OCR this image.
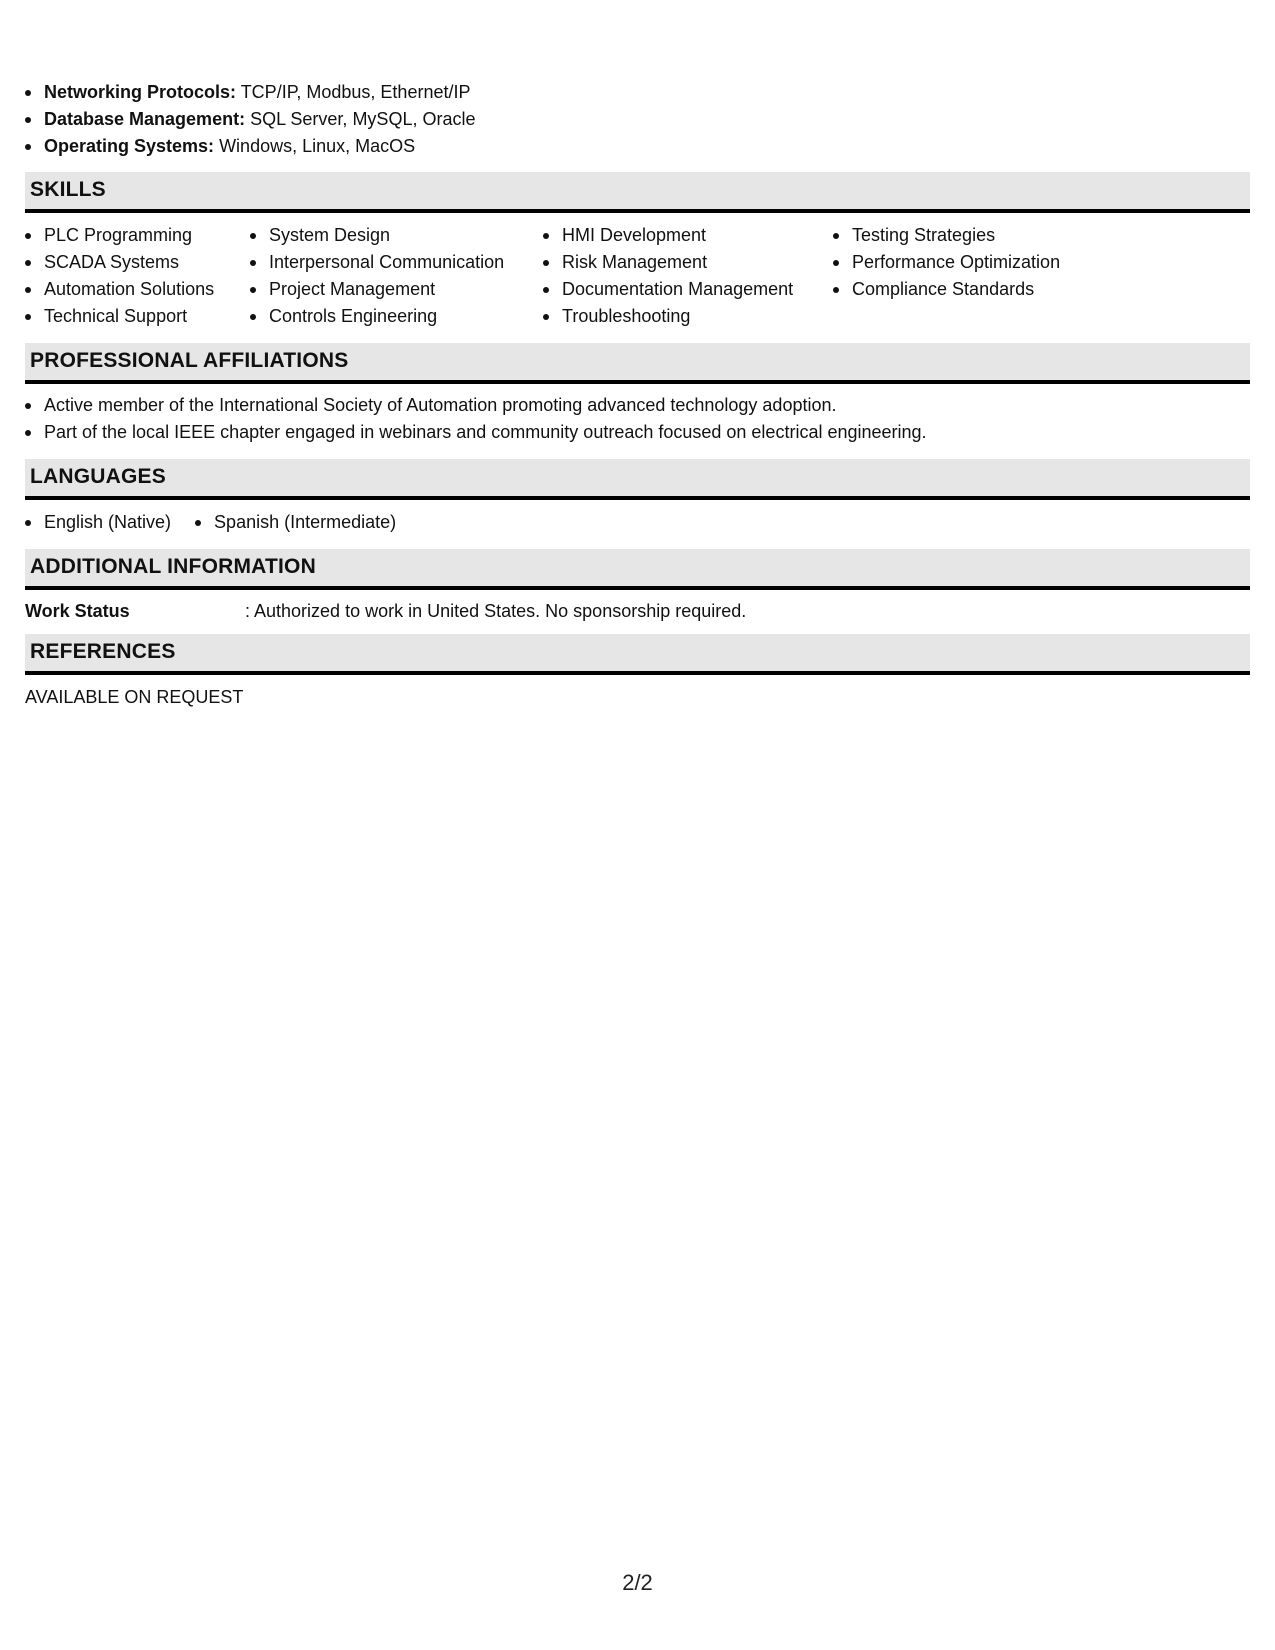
Networking Protocols: TCP/IP, Modbus, Ethernet/IP
Database Management: SQL Server, MySQL, Oracle
Operating Systems: Windows, Linux, MacOS
SKILLS
PLC Programming
SCADA Systems
Automation Solutions
Technical Support
System Design
Interpersonal Communication
Project Management
Controls Engineering
HMI Development
Risk Management
Documentation Management
Troubleshooting
Testing Strategies
Performance Optimization
Compliance Standards
PROFESSIONAL AFFILIATIONS
Active member of the International Society of Automation promoting advanced technology adoption.
Part of the local IEEE chapter engaged in webinars and community outreach focused on electrical engineering.
LANGUAGES
English (Native)	Spanish (Intermediate)
ADDITIONAL INFORMATION
Work Status	: Authorized to work in United States. No sponsorship required.
REFERENCES
AVAILABLE ON REQUEST
2/2
